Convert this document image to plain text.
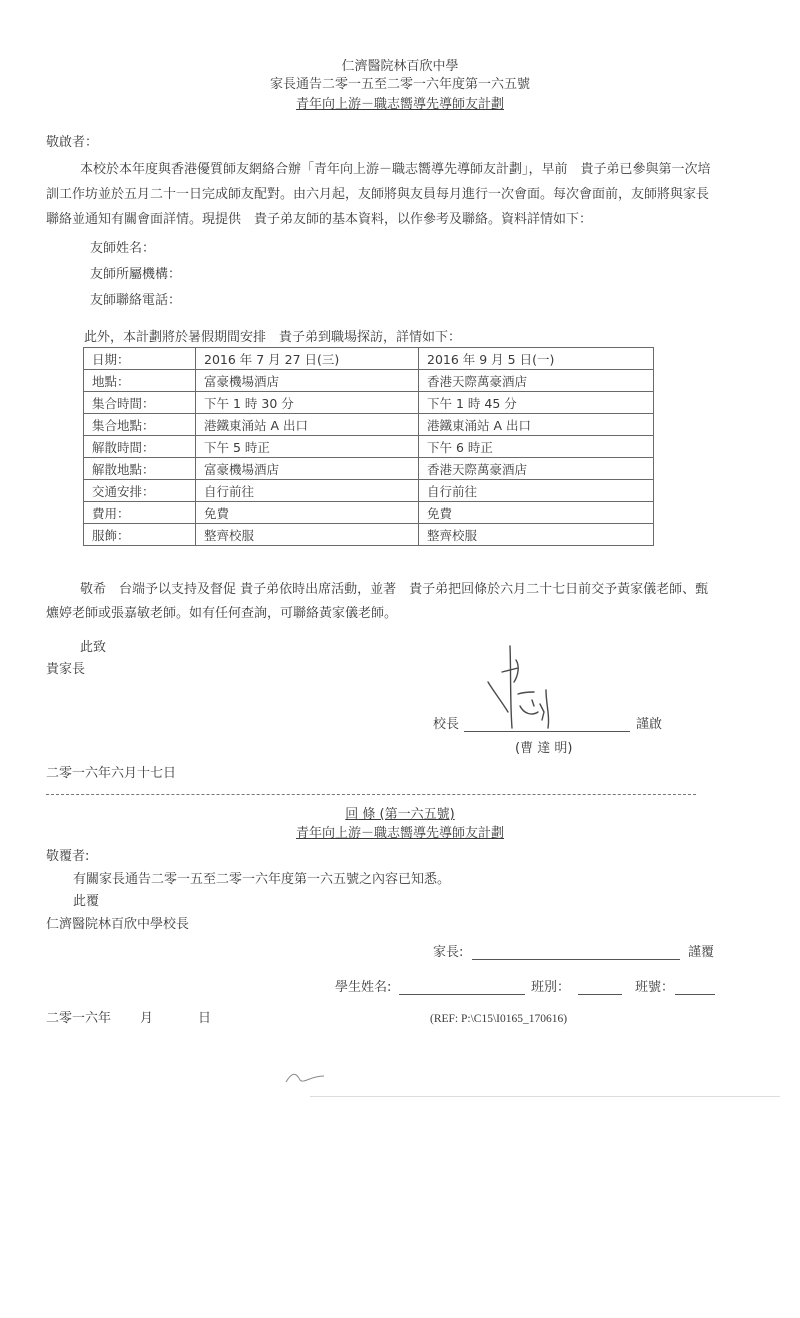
仁濟醫院林百欣中學
家長通告二零一五至二零一六年度第一六五號
青年向上游－職志嚮導先導師友計劃
敬啟者：
本校於本年度與香港優質師友網絡合辦「青年向上游－職志嚮導先導師友計劃」，早前　貴子弟已參與第一次培
訓工作坊並於五月二十一日完成師友配對。由六月起，友師將與友員每月進行一次會面。每次會面前，友師將與家長
聯絡並通知有關會面詳情。現提供　貴子弟友師的基本資料，以作參考及聯絡。資料詳情如下：
友師姓名：
友師所屬機構：
友師聯絡電話：
此外，本計劃將於暑假期間安排　貴子弟到職場探訪，詳情如下：
日期：	2016 年 7 月 27 日(三)	2016 年 9 月 5 日(一)
地點：	富豪機場酒店	香港天際萬豪酒店
集合時間：	下午 1 時 30 分	下午 1 時 45 分
集合地點：	港鐵東涌站 A 出口	港鐵東涌站 A 出口
解散時間：	下午 5 時正	下午 6 時正
解散地點：	富豪機場酒店	香港天際萬豪酒店
交通安排：	自行前往	自行前往
費用：	免費	免費
服飾：	整齊校服	整齊校服
敬希　台端予以支持及督促 貴子弟依時出席活動，並著　貴子弟把回條於六月二十七日前交予黃家儀老師、甄
爊婷老師或張嘉敏老師。如有任何查詢，可聯絡黃家儀老師。
此致
貴家長
校長	謹啟
(曹 達 明)
二零一六年六月十七日
回 條 (第一六五號)
青年向上游－職志嚮導先導師友計劃
敬覆者:
有關家長通告二零一五至二零一六年度第一六五號之內容已知悉。
此覆
仁濟醫院林百欣中學校長
家長:	謹覆
學生姓名:	班別：	班號：
二零一六年 月	日	(REF: P:\C15\I0165_170616)
